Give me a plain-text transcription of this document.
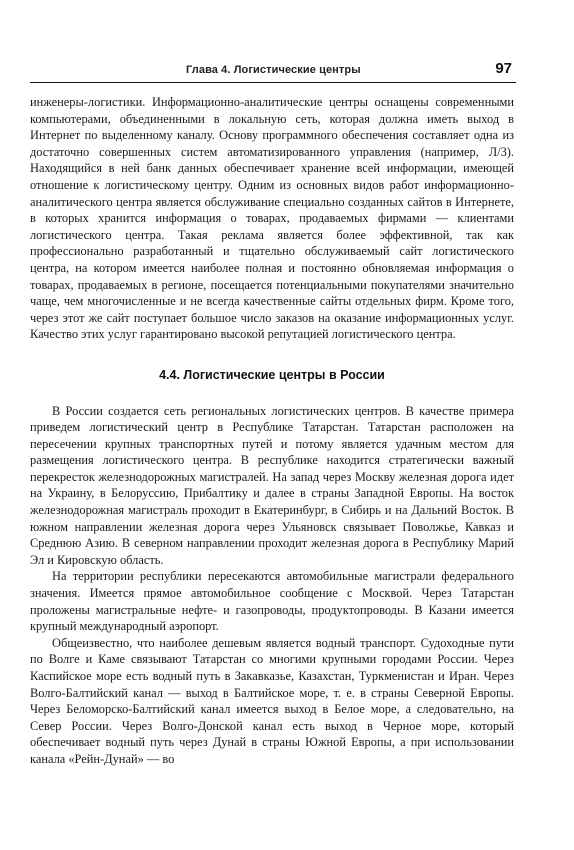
Глава 4. Логистические центры	97

инженеры-логистики. Информационно-аналитические центры оснащены современными компьютерами, объединенными в локальную сеть, которая должна иметь выход в Интернет по выделенному каналу. Основу программного обеспечения составляет одна из достаточно совершенных систем автоматизированного управления (например, Л/3). Находящийся в ней банк данных обеспечивает хранение всей информации, имеющей отношение к логистическому центру. Одним из основных видов работ информационно-аналитического центра является обслуживание специально созданных сайтов в Интернете, в которых хранится информация о товарах, продаваемых фирмами — клиентами логистического центра. Такая реклама является более эффективной, так как профессионально разработанный и тщательно обслуживаемый сайт логистического центра, на котором имеется наиболее полная и постоянно обновляемая информация о товарах, продаваемых в регионе, посещается потенциальными покупателями значительно чаще, чем многочисленные и не всегда качественные сайты отдельных фирм. Кроме того, через этот же сайт поступает большое число заказов на оказание информационных услуг. Качество этих услуг гарантировано высокой репутацией логистического центра.

4.4. Логистические центры в России

В России создается сеть региональных логистических центров. В качестве примера приведем логистический центр в Республике Татарстан. Татарстан расположен на пересечении крупных транспортных путей и потому является удачным местом для размещения логистического центра. В республике находится стратегически важный перекресток железнодорожных магистралей. На запад через Москву железная дорога идет на Украину, в Белоруссию, Прибалтику и далее в страны Западной Европы. На восток железнодорожная магистраль проходит в Екатеринбург, в Сибирь и на Дальний Восток. В южном направлении железная дорога через Ульяновск связывает Поволжье, Кавказ и Среднюю Азию. В северном направлении проходит железная дорога в Республику Марий Эл и Кировскую область.

На территории республики пересекаются автомобильные магистрали федерального значения. Имеется прямое автомобильное сообщение с Москвой. Через Татарстан проложены магистральные нефте- и газопроводы, продуктопроводы. В Казани имеется крупный международный аэропорт.

Общеизвестно, что наиболее дешевым является водный транспорт. Судоходные пути по Волге и Каме связывают Татарстан со многими крупными городами России. Через Каспийское море есть водный путь в Закавказье, Казахстан, Туркменистан и Иран. Через Волго-Балтийский канал — выход в Балтийское море, т. е. в страны Северной Европы. Через Беломорско-Балтийский канал имеется выход в Белое море, а следовательно, на Север России. Через Волго-Донской канал есть выход в Черное море, который обеспечивает водный путь через Дунай в страны Южной Европы, а при использовании канала «Рейн-Дунай» — во
